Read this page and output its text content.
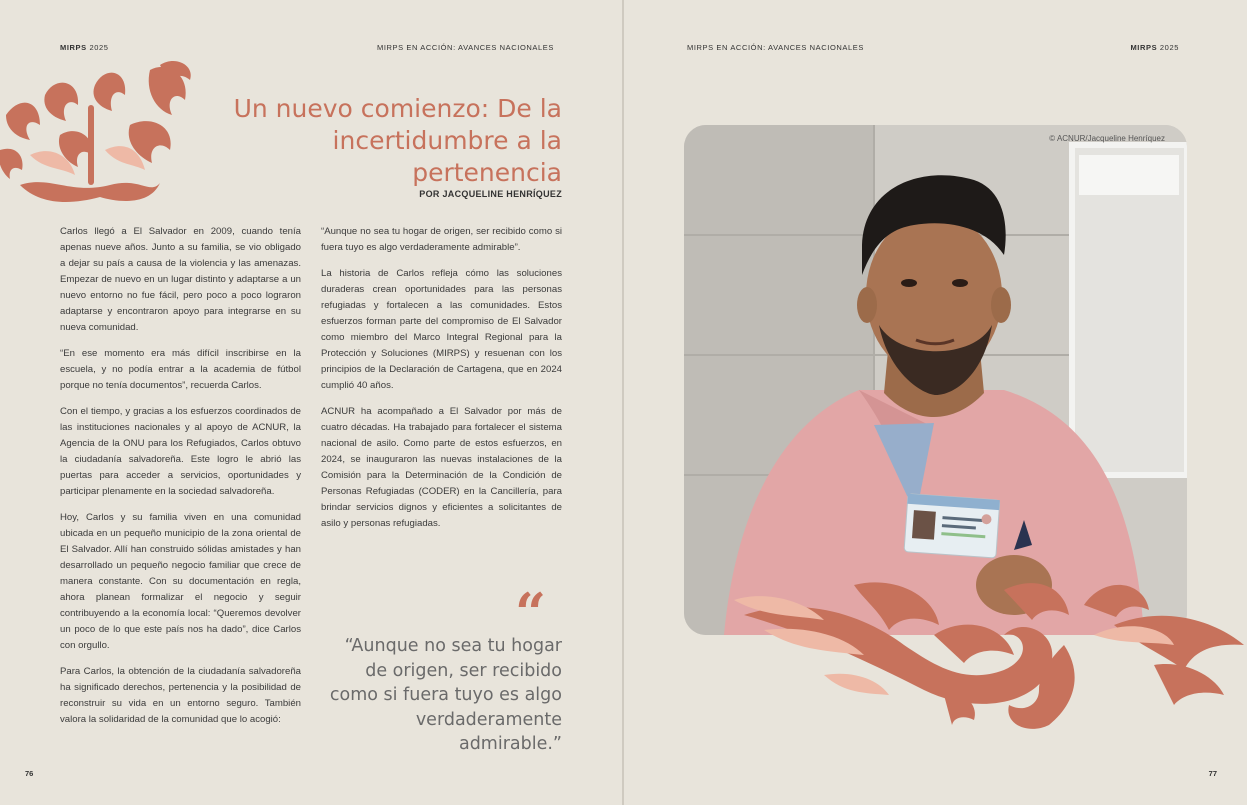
MIRPS 2025	MIRPS EN ACCIÓN: AVANCES NACIONALES
Un nuevo comienzo: De la incertidumbre a la pertenencia
POR JACQUELINE HENRÍQUEZ

Carlos llegó a El Salvador en 2009, cuando tenía apenas nueve años. Junto a su familia, se vio obligado a dejar su país a causa de la violencia y las amenazas. Empezar de nuevo en un lugar distinto y adaptarse a un nuevo entorno no fue fácil, pero poco a poco lograron adaptarse y encontraron apoyo para integrarse en su nueva comunidad.

“En ese momento era más difícil inscribirse en la escuela, y no podía entrar a la academia de fútbol porque no tenía documentos”, recuerda Carlos.

Con el tiempo, y gracias a los esfuerzos coordinados de las instituciones nacionales y al apoyo de ACNUR, la Agencia de la ONU para los Refugiados, Carlos obtuvo la ciudadanía salvadoreña. Este logro le abrió las puertas para acceder a servicios, oportunidades y participar plenamente en la sociedad salvadoreña.

Hoy, Carlos y su familia viven en una comunidad ubicada en un pequeño municipio de la zona oriental de El Salvador. Allí han construido sólidas amistades y han desarrollado un pequeño negocio familiar que crece de manera constante. Con su documentación en regla, ahora planean formalizar el negocio y seguir contribuyendo a la economía local: “Queremos devolver un poco de lo que este país nos ha dado”, dice Carlos con orgullo.

Para Carlos, la obtención de la ciudadanía salvadoreña ha significado derechos, pertenencia y la posibilidad de reconstruir su vida en un entorno seguro. También valora la solidaridad de la comunidad que lo acogió:

“Aunque no sea tu hogar de origen, ser recibido como si fuera tuyo es algo verdaderamente admirable”.

La historia de Carlos refleja cómo las soluciones duraderas crean oportunidades para las personas refugiadas y fortalecen a las comunidades. Estos esfuerzos forman parte del compromiso de El Salvador como miembro del Marco Integral Regional para la Protección y Soluciones (MIRPS) y resuenan con los principios de la Declaración de Cartagena, que en 2024 cumplió 40 años.

ACNUR ha acompañado a El Salvador por más de cuatro décadas. Ha trabajado para fortalecer el sistema nacional de asilo. Como parte de estos esfuerzos, en 2024, se inauguraron las nuevas instalaciones de la Comisión para la Determinación de la Condición de Personas Refugiadas (CODER) en la Cancillería, para brindar servicios dignos y eficientes a solicitantes de asilo y personas refugiadas.

“
“Aunque no sea tu hogar de origen, ser recibido como si fuera tuyo es algo verdaderamente admirable.”
76
MIRPS EN ACCIÓN: AVANCES NACIONALES	MIRPS 2025
© ACNUR/Jacqueline Henríquez
77
